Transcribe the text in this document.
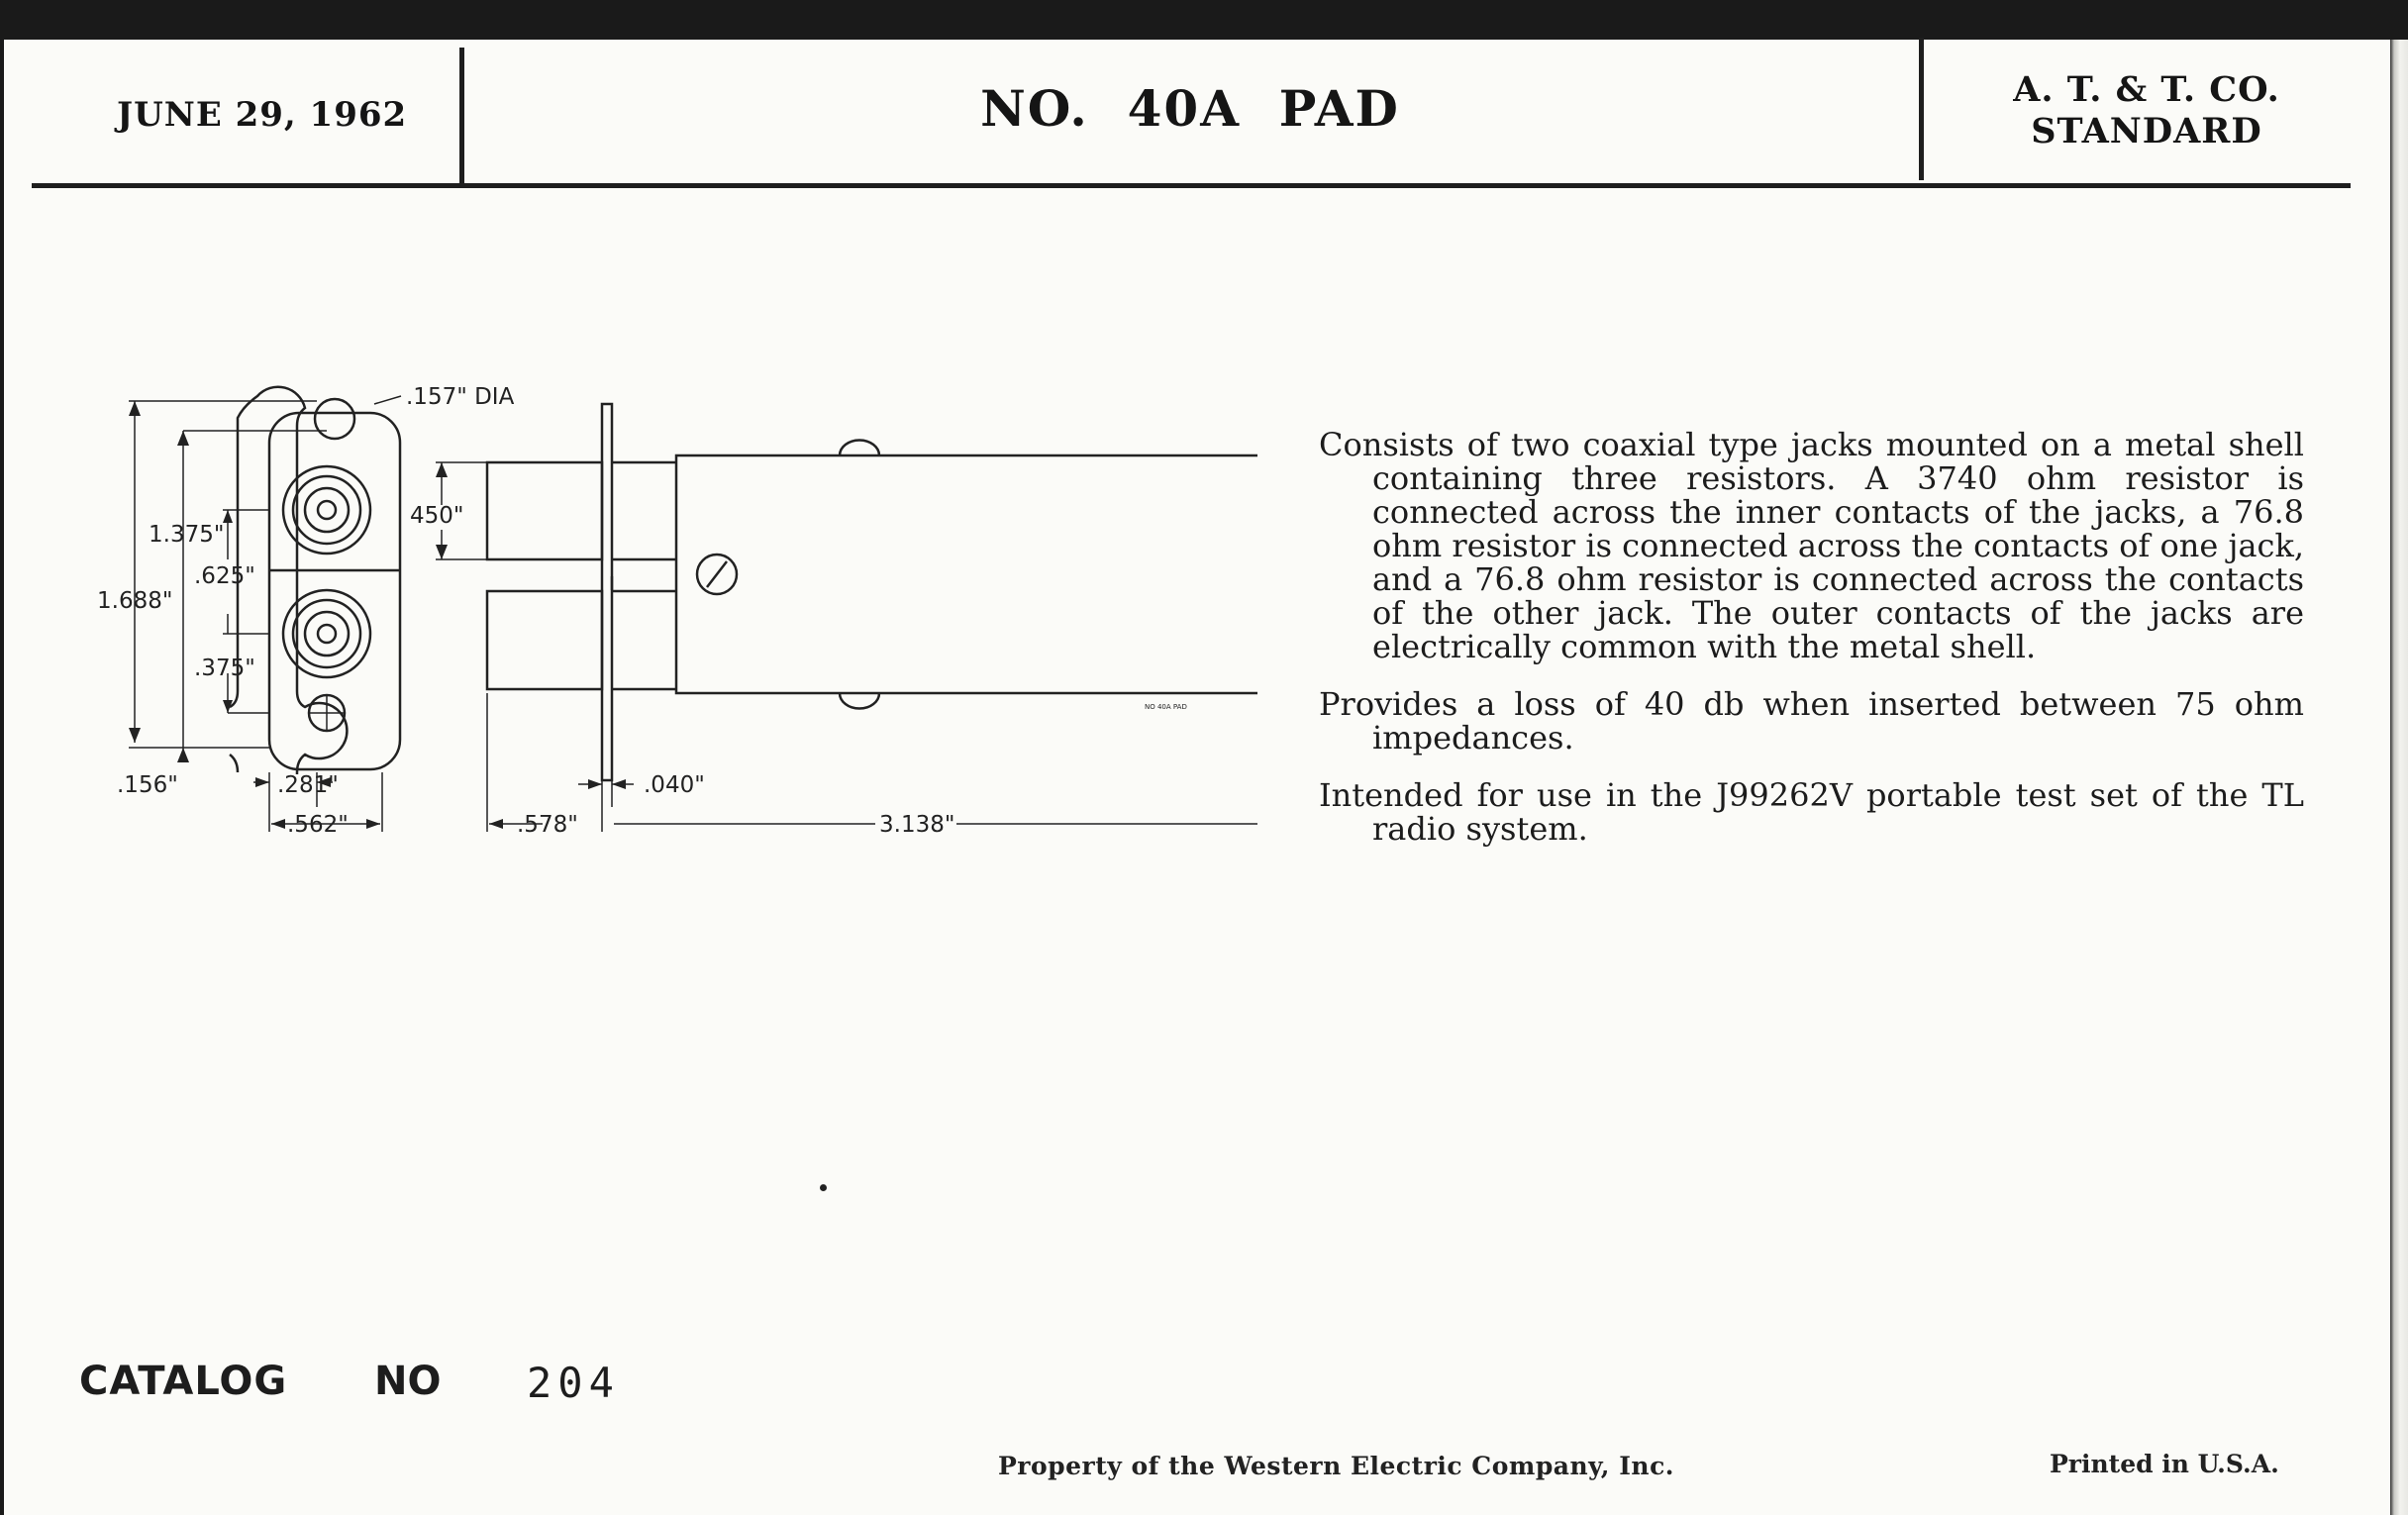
JUNE 29, 1962	NO.  40A  PAD	A. T. & T. CO.
STANDARD
.157" DIA
1.375"
.625"
1.688"
.375"
.156"	.281"
.562"
450"
.040"
.578"	3.138"
NO 40A PAD

Consists of two coaxial type jacks mounted on a metal shell containing three resistors. A 3740 ohm resistor is connected across the inner contacts of the jacks, a 76.8 ohm resistor is connected across the contacts of one jack, and a 76.8 ohm resistor is connected across the contacts of the other jack. The outer contacts of the jacks are electrically common with the metal shell.

Provides a loss of 40 db when inserted between 75 ohm impedances.

Intended for use in the J99262V portable test set of the TL radio system.

CATALOG NO 204
Property of the Western Electric Company, Inc.	Printed in U.S.A.
